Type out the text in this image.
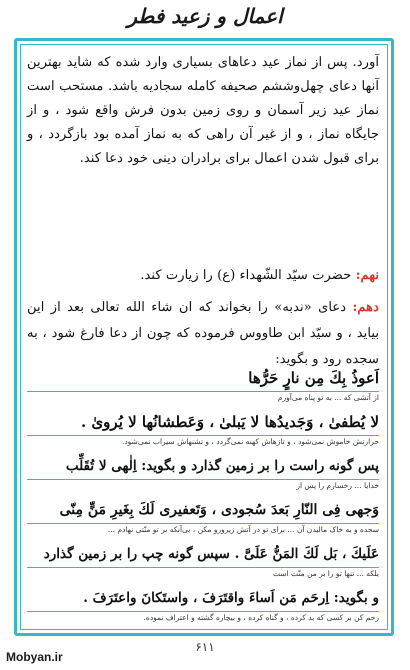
اعمال و زعید فطر
آورد. پس از نماز عید دعاهای بسیاری وارد شده که شاید بهترین آنها دعای چهل‌وششم صحیفه کامله سجادیه باشد. مستحب است نماز عید زیر آسمان و روی زمین بدون فرش واقع شود ، و از جایگاه نماز ، و از غیر آن راهی که به نماز آمده بود بازگردد ، و برای قبول شدن اعمال برای برادران دینی خود دعا کند.
نهم: حضرت سیّد الشّهداء (ع) را زیارت کند.
دهم: دعای «ندبه» را بخواند که ان شاء الله تعالی بعد از این بیاید ، و سیّد ابن طاووس فرموده که چون از دعا فارغ شود ، به سجده رود و بگوید:
اَعوذُ بِكَ مِن نارٍ حَرُّها
از آتشی که ... به تو پناه می‌آورم
لا یُطفیٰ ، وَجَدیدُها لا یَبلیٰ ، وَعَطشانُها لا یُرویٰ .
حرارتش خاموش نمی‌شود ، و تازهاش کهنه نمی‌گردد ، و تشنهاش سیراب نمی‌شود.
پس گونه راست را بر زمین گذارد و بگوید: اِلٰهی لا تُقَلِّب
خدایا ... رخسارم را پس از
وَجهی فِی النّارِ بَعدَ سُجودی ، وَتَعفیری لَكَ بِغَیرِ مَنٍّ مِنّی
سجده و به خاک مالیدن آن ... برای تو در آتش زیرورو مکن ، بی‌آنکه بر تو منّتی نهادم ...
عَلَیكَ ، بَل لَكَ المَنُّ عَلَیَّ . سپس گونه چپ را بر زمین گذارد
بلکه ... تنها تو را بر من منّت است
و بگوید: اِرحَم مَن اَساءَ واقتَرَفَ ، واستَكانَ واعتَرَفَ .
رحم کن بر کسی که بد کرده ، و گناه کرده ، و بیچاره گشته و اعتراف نموده.
۶۱۱
Mobyan.ir
